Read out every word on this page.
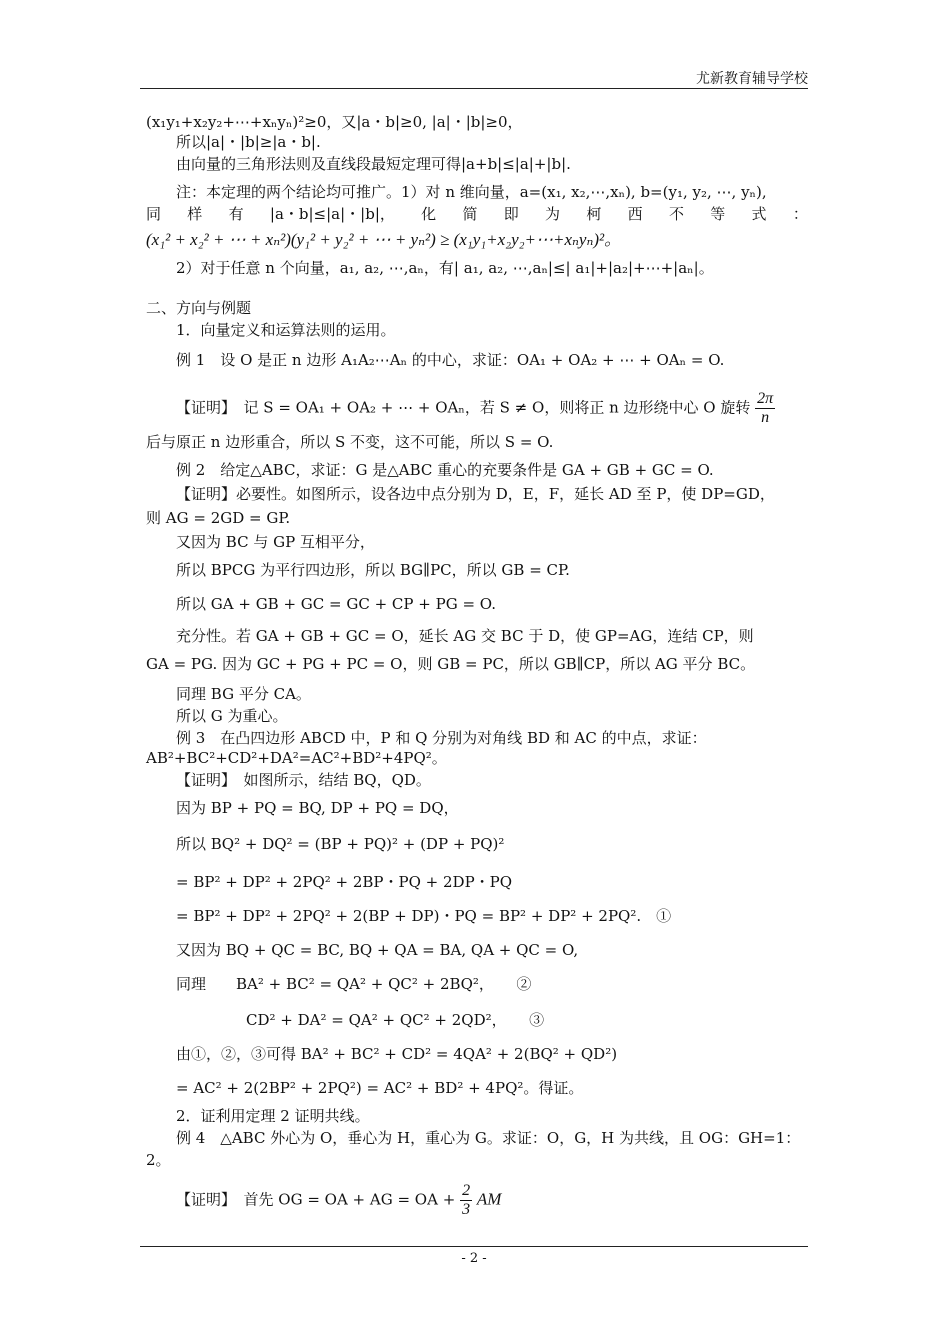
尤新教育辅导学校
(x₁y₁+x₂y₂+⋯+xₙyₙ)²≥0，又|a・b|≥0, |a|・|b|≥0，
所以|a|・|b|≥|a・b|.
由向量的三角形法则及直线段最短定理可得|a+b|≤|a|+|b|.
注：本定理的两个结论均可推广。1）对 n 维向量，a=(x₁, x₂,⋯,xₙ), b=(y₁, y₂, ⋯, yₙ),
同 样 有 |a・b|≤|a|・|b|， 化 简 即 为 柯 西 不 等 式 ：
(x₁² + x₂² + ⋯ + xₙ²)(y₁² + y₂² + ⋯ + yₙ²) ≥ (x₁y₁+x₂y₂+⋯+xₙyₙ)²。
2）对于任意 n 个向量，a₁, a₂, ⋯,aₙ，有| a₁, a₂, ⋯,aₙ|≤| a₁|+|a₂|+⋯+|aₙ|。
二、方向与例题
1．向量定义和运算法则的运用。
例 1　设 O 是正 n 边形 A₁A₂⋯Aₙ 的中心，求证：OA₁ + OA₂ + ⋯ + OAₙ = O.
【证明】　记 S = OA₁ + OA₂ + ⋯ + OAₙ，若 S ≠ O，则将正 n 边形绕中心 O 旋转 $\frac{2\pi}{n}$
后与原正 n 边形重合，所以 S 不变，这不可能，所以 S = O.
例 2　给定△ABC，求证：G 是△ABC 重心的充要条件是 GA + GB + GC = O.
【证明】必要性。如图所示，设各边中点分别为 D，E，F，延长 AD 至 P，使 DP=GD，
则 AG = 2GD = GP.
又因为 BC 与 GP 互相平分，
所以 BPCG 为平行四边形，所以 BG∥PC，所以 GB = CP.
所以 GA + GB + GC = GC + CP + PG = O.
充分性。若 GA + GB + GC = O，延长 AG 交 BC 于 D，使 GP=AG，连结 CP，则
GA = PG. 因为 GC + PG + PC = O，则 GB = PC，所以 GB∥CP，所以 AG 平分 BC。
同理 BG 平分 CA。
所以 G 为重心。
例 3　在凸四边形 ABCD 中，P 和 Q 分别为对角线 BD 和 AC 的中点，求证：
AB²+BC²+CD²+DA²=AC²+BD²+4PQ²。
【证明】　如图所示，结结 BQ，QD。
因为 BP + PQ = BQ, DP + PQ = DQ，
所以 BQ² + DQ² = (BP + PQ)² + (DP + PQ)²
= BP² + DP² + 2PQ² + 2BP・PQ + 2DP・PQ
= BP² + DP² + 2PQ² + 2(BP + DP)・PQ = BP² + DP² + 2PQ².　①
又因为 BQ + QC = BC, BQ + QA = BA, QA + QC = O,
同理　　BA² + BC² = QA² + QC² + 2BQ²，　　②
CD² + DA² = QA² + QC² + 2QD²，　　③
由①，②，③可得 BA² + BC² + CD² = 4QA² + 2(BQ² + QD²)
= AC² + 2(2BP² + 2PQ²) = AC² + BD² + 4PQ²。得证。
2．证利用定理 2 证明共线。
例 4　△ABC 外心为 O，垂心为 H，重心为 G。求证：O，G，H 为共线，且 OG：GH=1：
2。
【证明】　首先 OG = OA + AG = OA + $\frac{2}{3}$ AM
- 2 -
